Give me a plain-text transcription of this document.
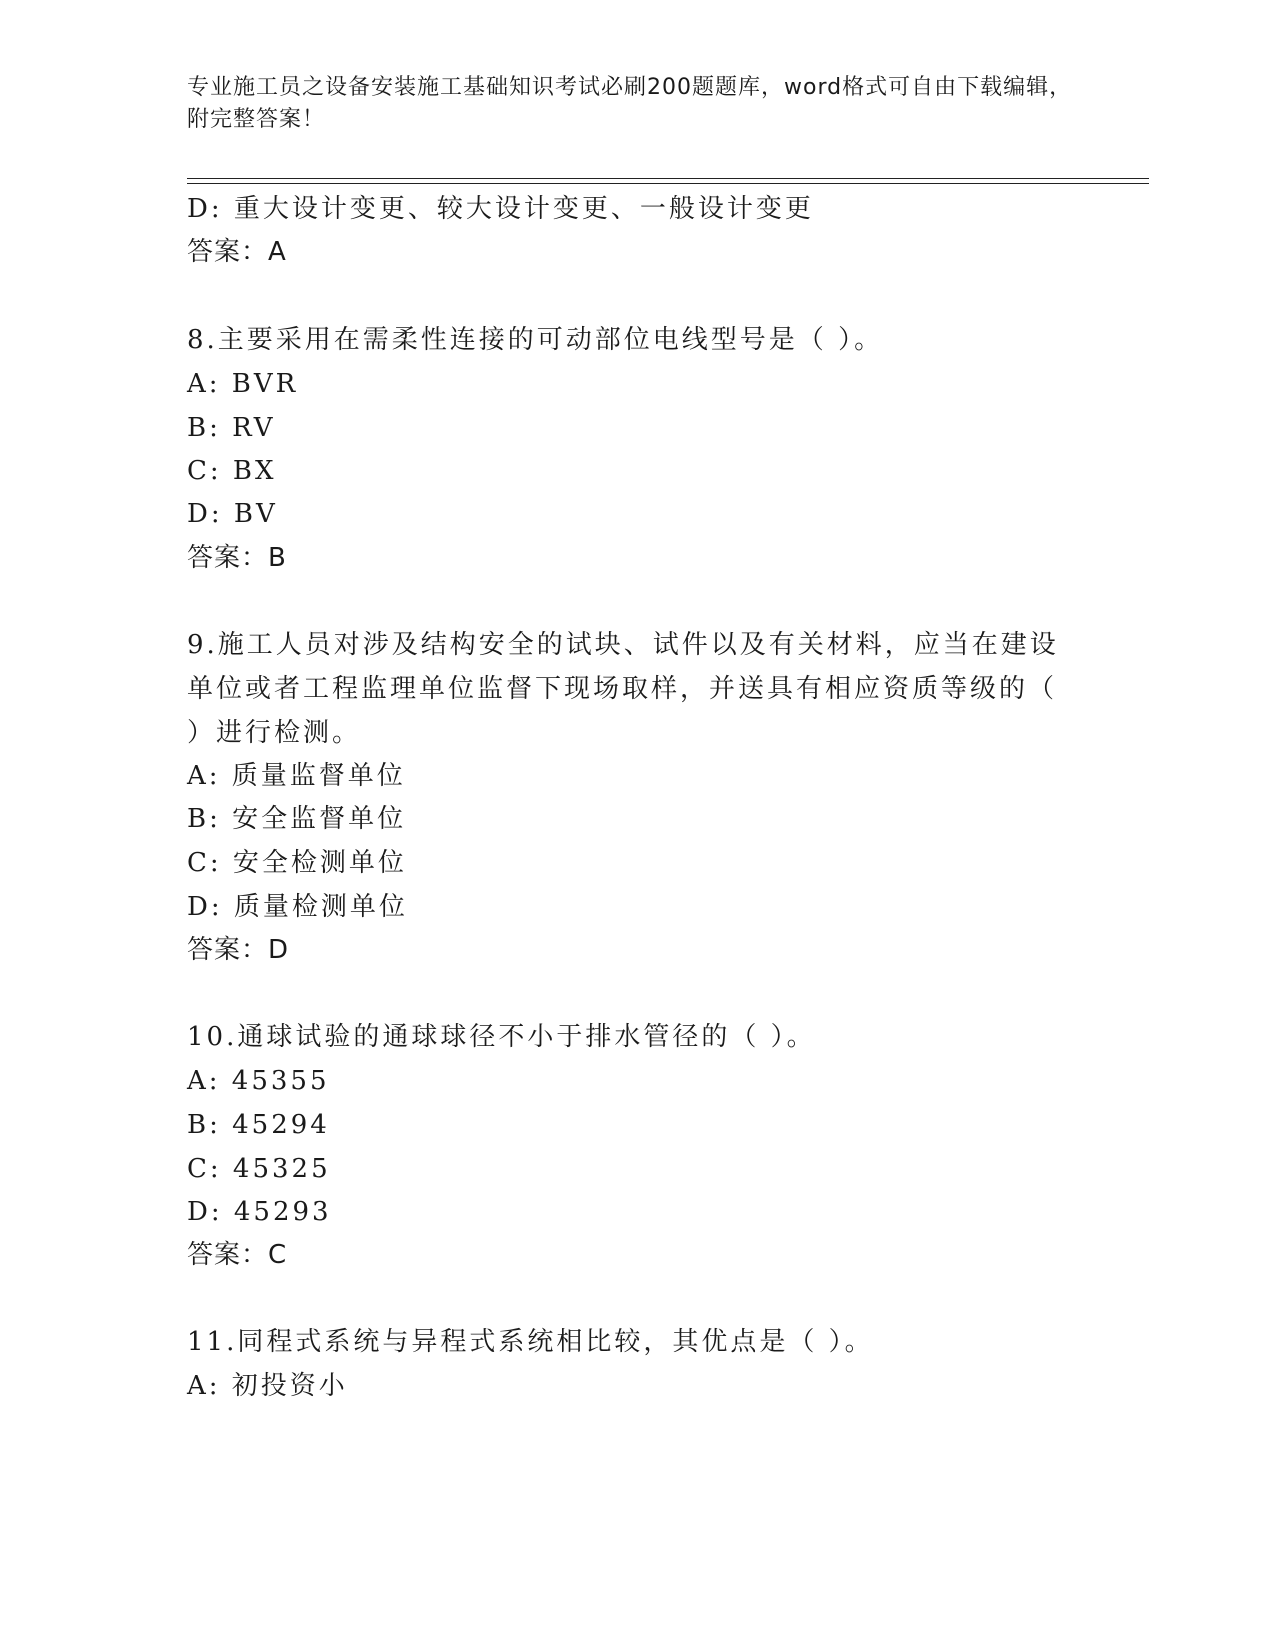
专业施工员之设备安装施工基础知识考试必刷200题题库，word格式可自由下载编辑，附完整答案！
D: 重大设计变更、较大设计变更、一般设计变更
答案：A
8.主要采用在需柔性连接的可动部位电线型号是（ ）。
A: BVR
B: RV
C: BX
D: BV
答案：B
9.施工人员对涉及结构安全的试块、试件以及有关材料，应当在建设
单位或者工程监理单位监督下现场取样，并送具有相应资质等级的（
）进行检测。
A: 质量监督单位
B: 安全监督单位
C: 安全检测单位
D: 质量检测单位
答案：D
10.通球试验的通球球径不小于排水管径的（ ）。
A: 45355
B: 45294
C: 45325
D: 45293
答案：C
11.同程式系统与异程式系统相比较，其优点是（ ）。
A: 初投资小
